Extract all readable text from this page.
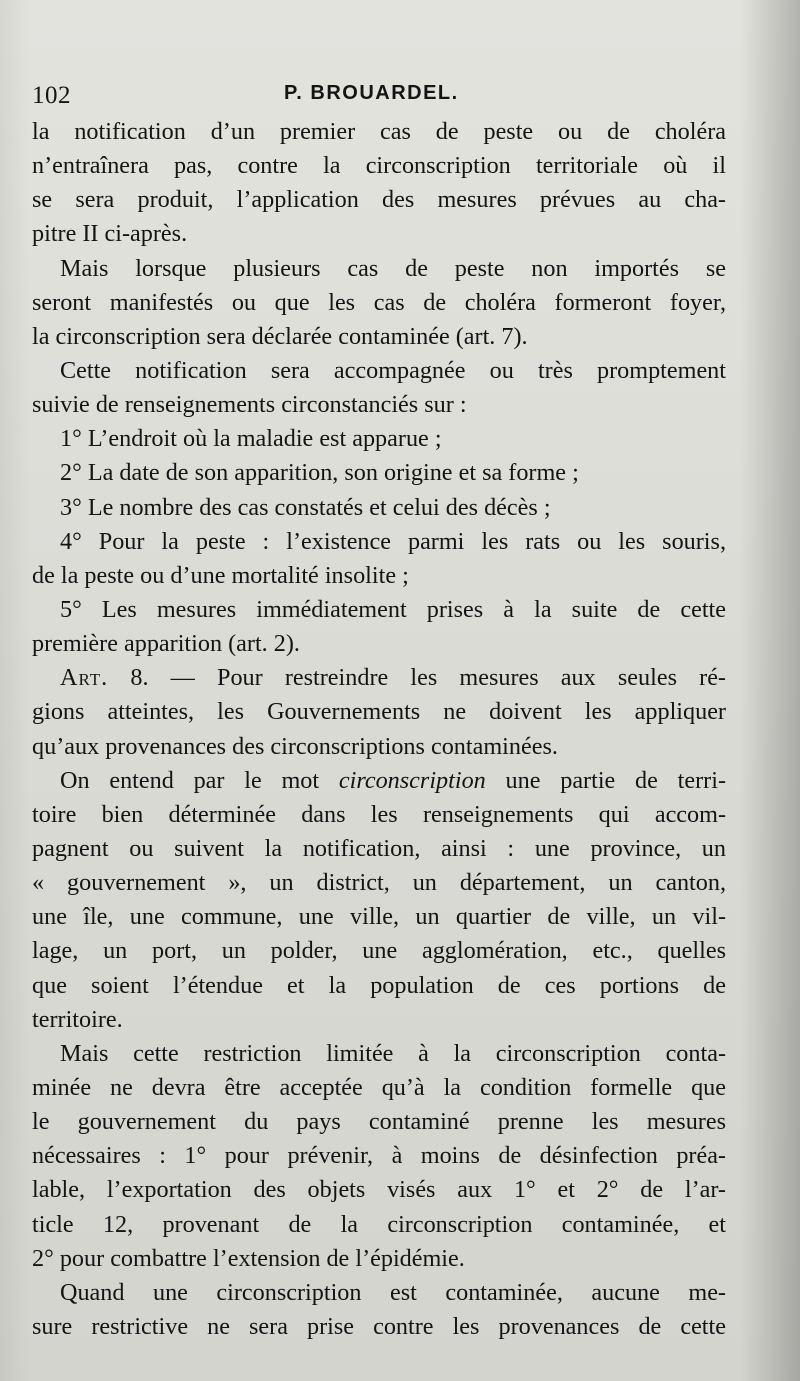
102	P. BROUARDEL.
la notification d’un premier cas de peste ou de choléra
n’entraînera pas, contre la circonscription territoriale où il
se sera produit, l’application des mesures prévues au cha-
pitre II ci-après.
Mais lorsque plusieurs cas de peste non importés se
seront manifestés ou que les cas de choléra formeront foyer,
la circonscription sera déclarée contaminée (art. 7).
Cette notification sera accompagnée ou très promptement
suivie de renseignements circonstanciés sur :
1° L’endroit où la maladie est apparue ;
2° La date de son apparition, son origine et sa forme ;
3° Le nombre des cas constatés et celui des décès ;
4° Pour la peste : l’existence parmi les rats ou les souris,
de la peste ou d’une mortalité insolite ;
5° Les mesures immédiatement prises à la suite de cette
première apparition (art. 2).
Art. 8. — Pour restreindre les mesures aux seules ré-
gions atteintes, les Gouvernements ne doivent les appliquer
qu’aux provenances des circonscriptions contaminées.
On entend par le mot circonscription une partie de terri-
toire bien déterminée dans les renseignements qui accom-
pagnent ou suivent la notification, ainsi : une province, un
« gouvernement », un district, un département, un canton,
une île, une commune, une ville, un quartier de ville, un vil-
lage, un port, un polder, une agglomération, etc., quelles
que soient l’étendue et la population de ces portions de
territoire.
Mais cette restriction limitée à la circonscription conta-
minée ne devra être acceptée qu’à la condition formelle que
le gouvernement du pays contaminé prenne les mesures
nécessaires : 1° pour prévenir, à moins de désinfection préa-
lable, l’exportation des objets visés aux 1° et 2° de l’ar-
ticle 12, provenant de la circonscription contaminée, et
2° pour combattre l’extension de l’épidémie.
Quand une circonscription est contaminée, aucune me-
sure restrictive ne sera prise contre les provenances de cette
